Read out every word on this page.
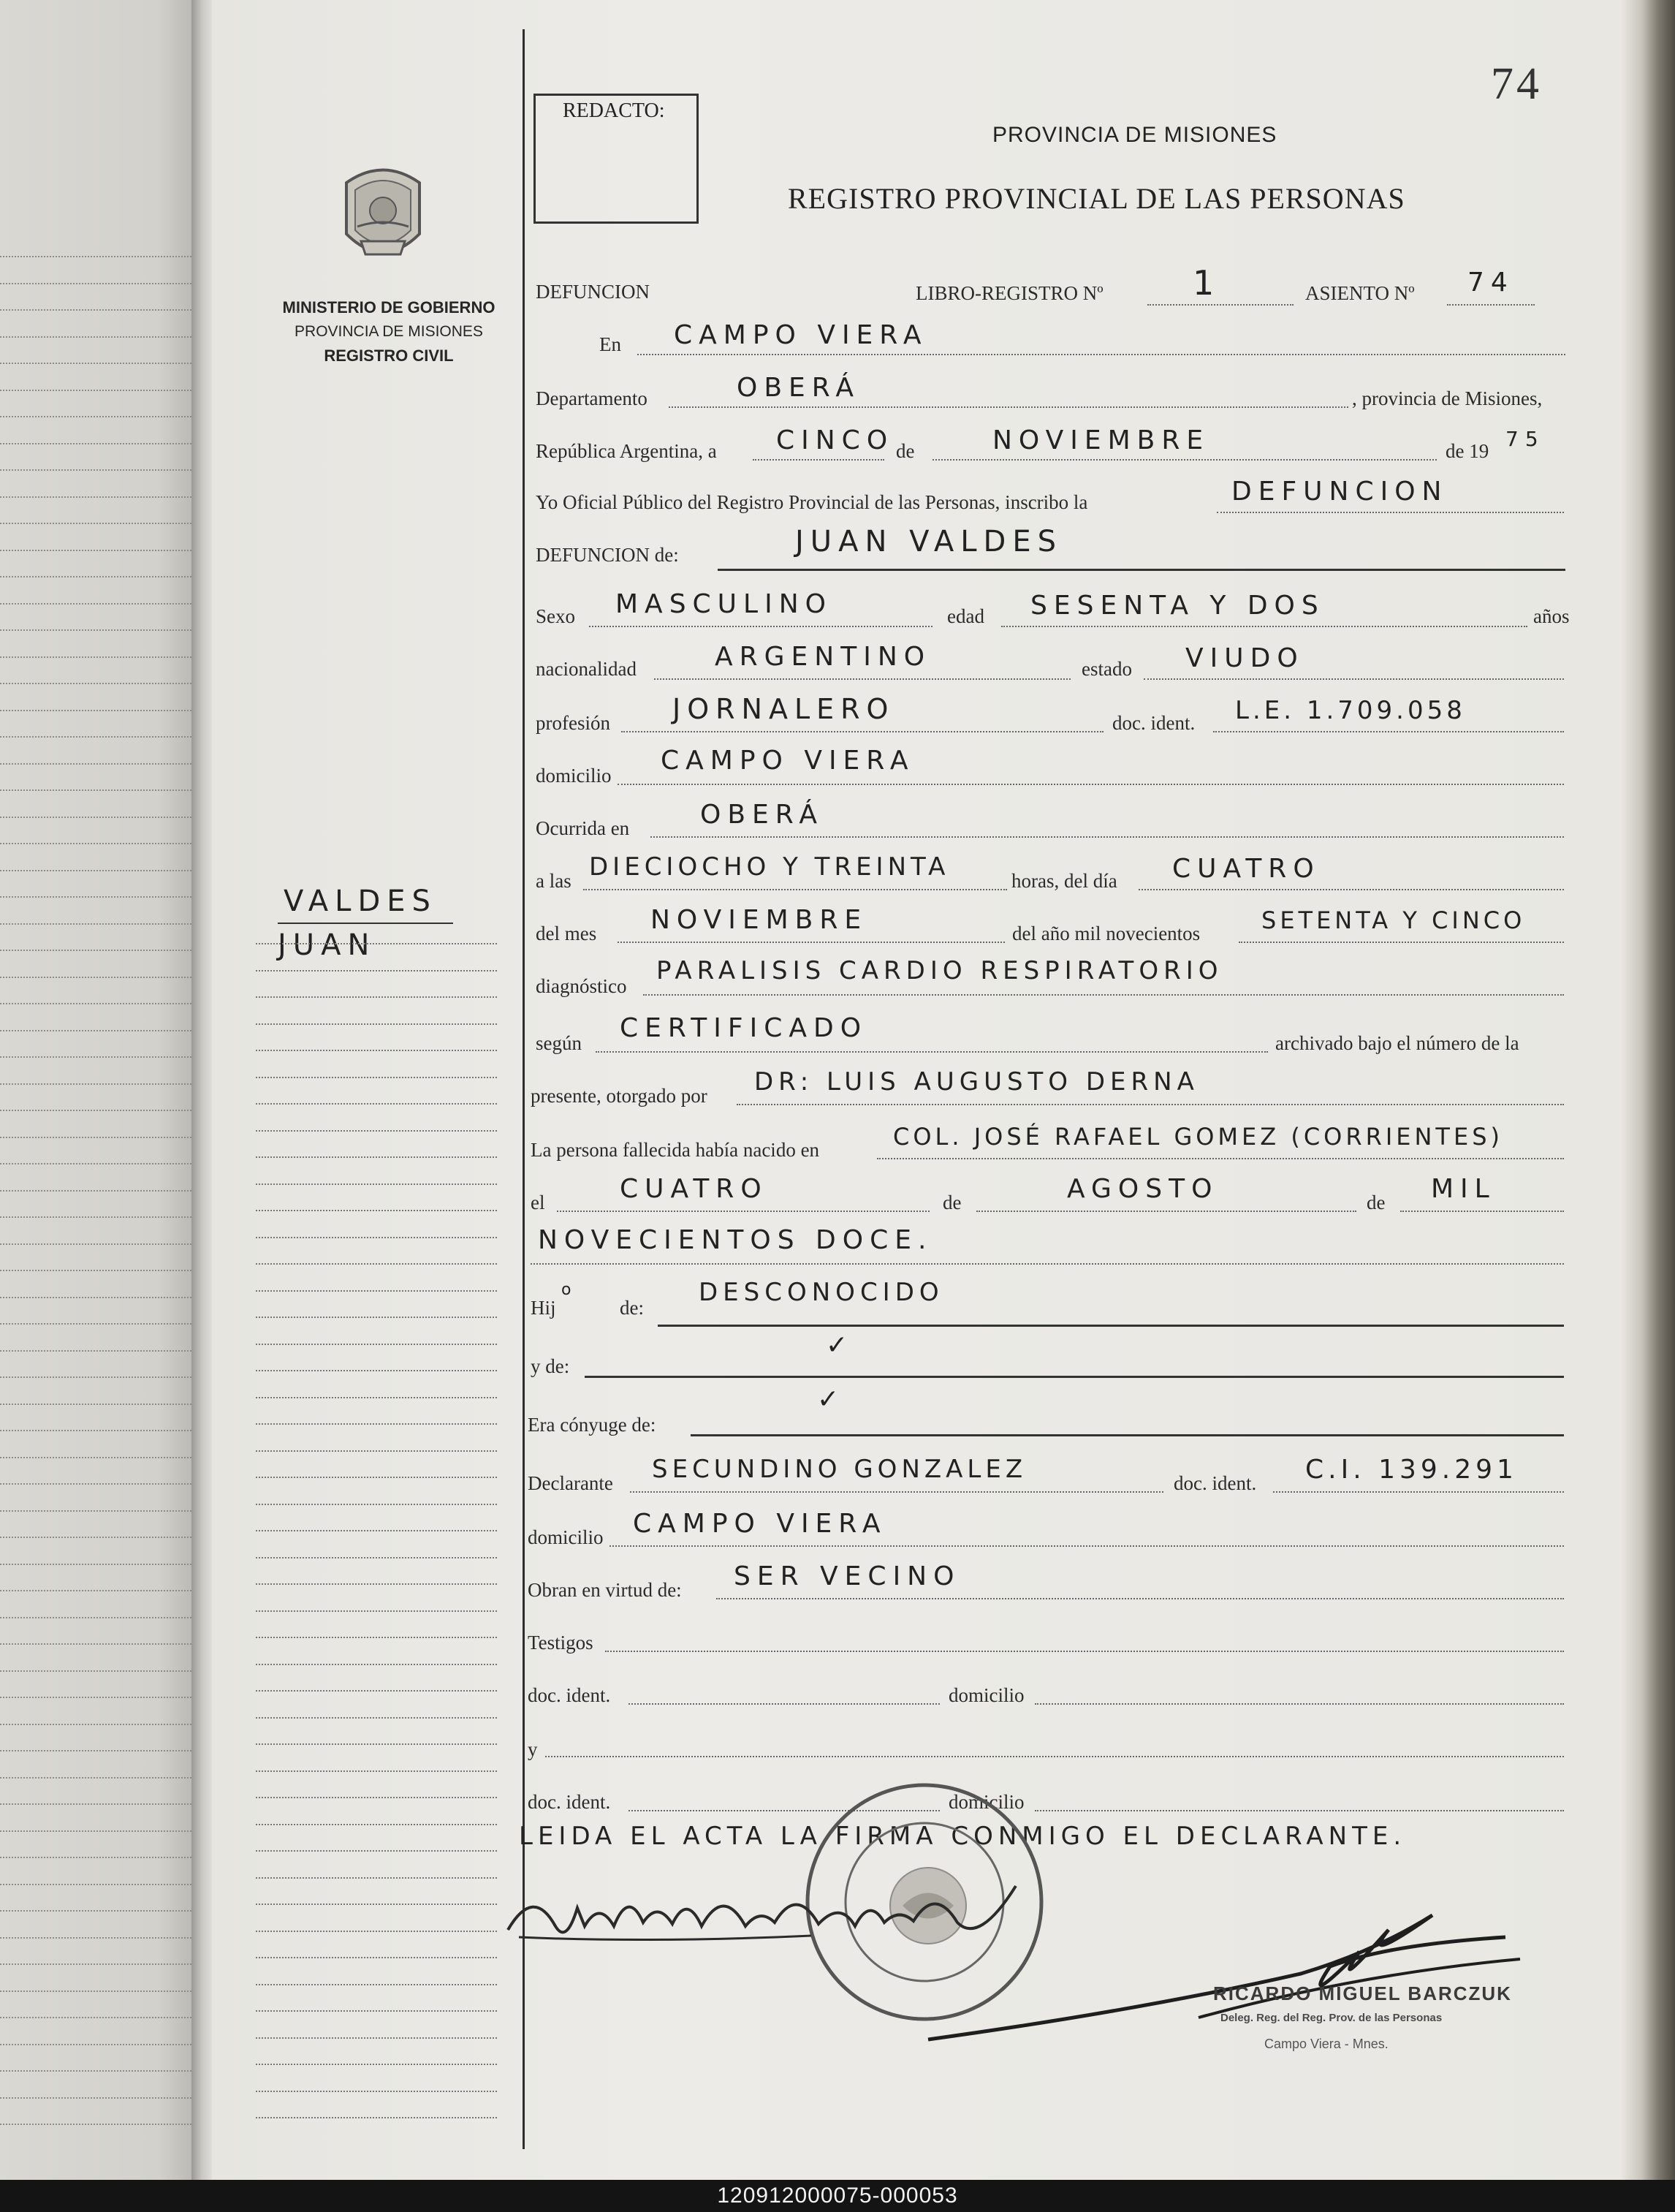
74
REDACTO:
PROVINCIA DE MISIONES
REGISTRO PROVINCIAL DE LAS PERSONAS
MINISTERIO DE GOBIERNO
PROVINCIA DE MISIONES
REGISTRO CIVIL
VALDES
JUAN
DEFUNCION	LIBRO-REGISTRO Nº	1	ASIENTO Nº 74
En CAMPO VIERA
Departamento	OBERÁ	, provincia de Misiones,
República Argentina, a CINCO de	NOVIEMBRE	de 19 75
Yo Oficial Público del Registro Provincial de las Personas, inscribo la	DEFUNCION
DEFUNCION de:	JUAN VALDES
Sexo MASCULINO	edad SESENTA Y DOS	años
nacionalidad	ARGENTINO	estado VIUDO
profesión JORNALERO	doc. ident. L.E. 1.709.058
domicilio CAMPO VIERA
Ocurrida en	OBERÁ
a las DIECIOCHO Y TREINTA	horas, del día CUATRO
del mes NOVIEMBRE	del año mil novecientos	SETENTA Y CINCO
diagnóstico
PARALISIS CARDIO RESPIRATORIO
según CERTIFICADO	archivado bajo el número de la
presente, otorgado por DR: LUIS AUGUSTO DERNA
La persona fallecida había nacido en	COL. JOSÉ RAFAEL GOMEZ (CORRIENTES)
el	CUATRO	de	AGOSTO	de MIL
NOVECIENTOS DOCE.
Hij
o
de:
DESCONOCIDO
y de:
✓
Era cónyuge de:
✓
Declarante SECUNDINO GONZALEZ	doc. ident. C.I. 139.291
domicilio CAMPO VIERA
Obran en virtud de: SER VECINO
Testigos
doc. ident.	domicilio
y
doc. ident.	domicilio
LEIDA EL ACTA LA FIRMA CONMIGO EL DECLARANTE.
RICARDO MIGUEL BARCZUK
Deleg. Reg. del Reg. Prov. de las Personas
Campo Viera - Mnes.
120912000075-000053
